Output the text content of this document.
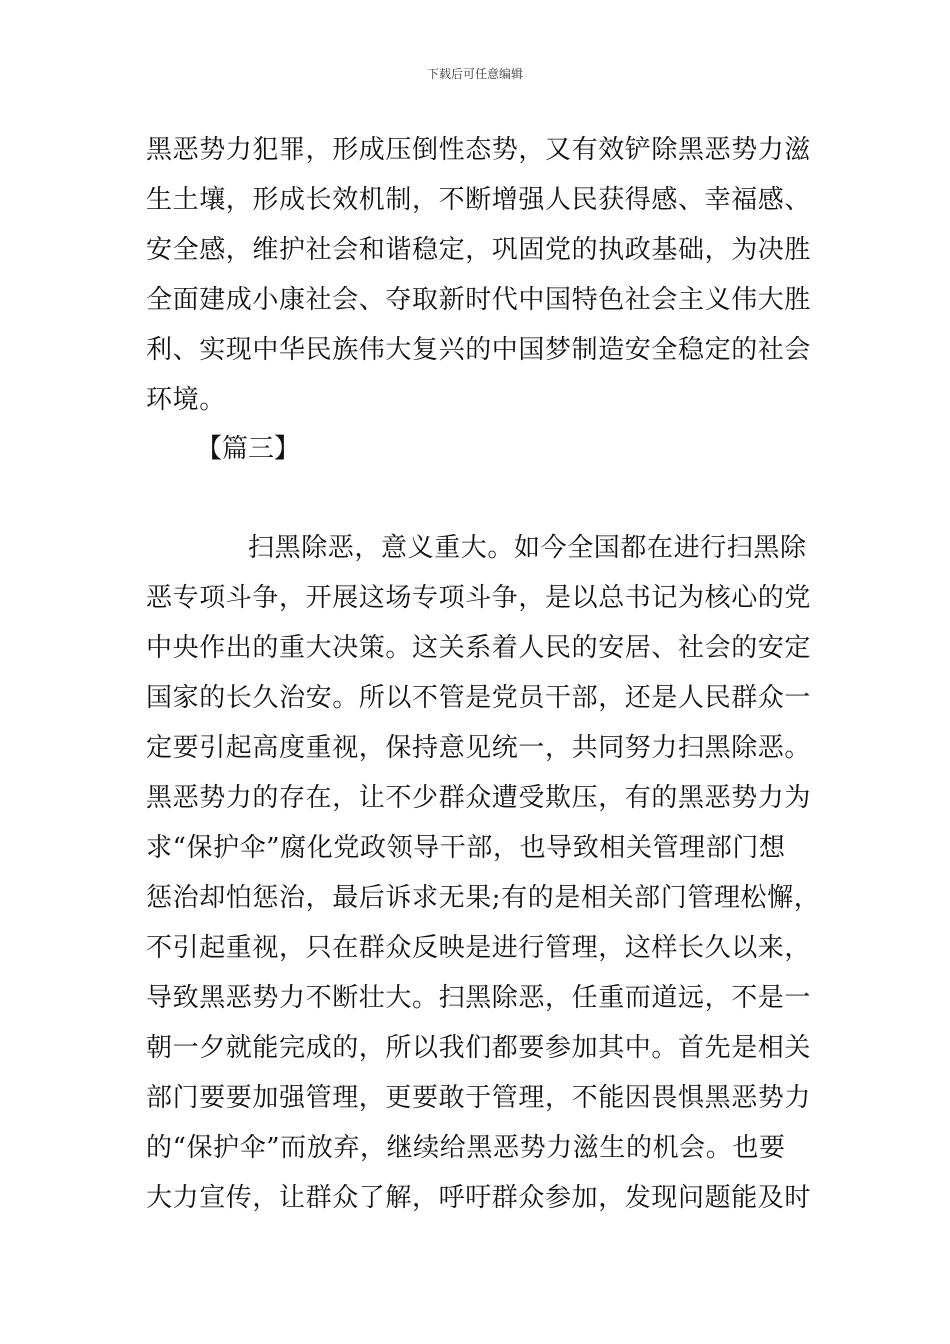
下载后可任意编辑
黑恶势力犯罪，形成压倒性态势，又有效铲除黑恶势力滋
生土壤，形成长效机制，不断增强人民获得感、幸福感、
安全感，维护社会和谐稳定，巩固党的执政基础，为决胜
全面建成小康社会、夺取新时代中国特色社会主义伟大胜
利、实现中华民族伟大复兴的中国梦制造安全稳定的社会
环境。
【篇三】
扫黑除恶，意义重大。如今全国都在进行扫黑除
恶专项斗争，开展这场专项斗争，是以总书记为核心的党
中央作出的重大决策。这关系着人民的安居、社会的安定
国家的长久治安。所以不管是党员干部，还是人民群众一
定要引起高度重视，保持意见统一，共同努力扫黑除恶。
黑恶势力的存在，让不少群众遭受欺压，有的黑恶势力为
求“保护伞”腐化党政领导干部，也导致相关管理部门想
惩治却怕惩治，最后诉求无果;有的是相关部门管理松懈，
不引起重视，只在群众反映是进行管理，这样长久以来，
导致黑恶势力不断壮大。扫黑除恶，任重而道远，不是一
朝一夕就能完成的，所以我们都要参加其中。首先是相关
部门要要加强管理，更要敢于管理，不能因畏惧黑恶势力
的“保护伞”而放弃，继续给黑恶势力滋生的机会。也要
大力宣传，让群众了解，呼吁群众参加，发现问题能及时
